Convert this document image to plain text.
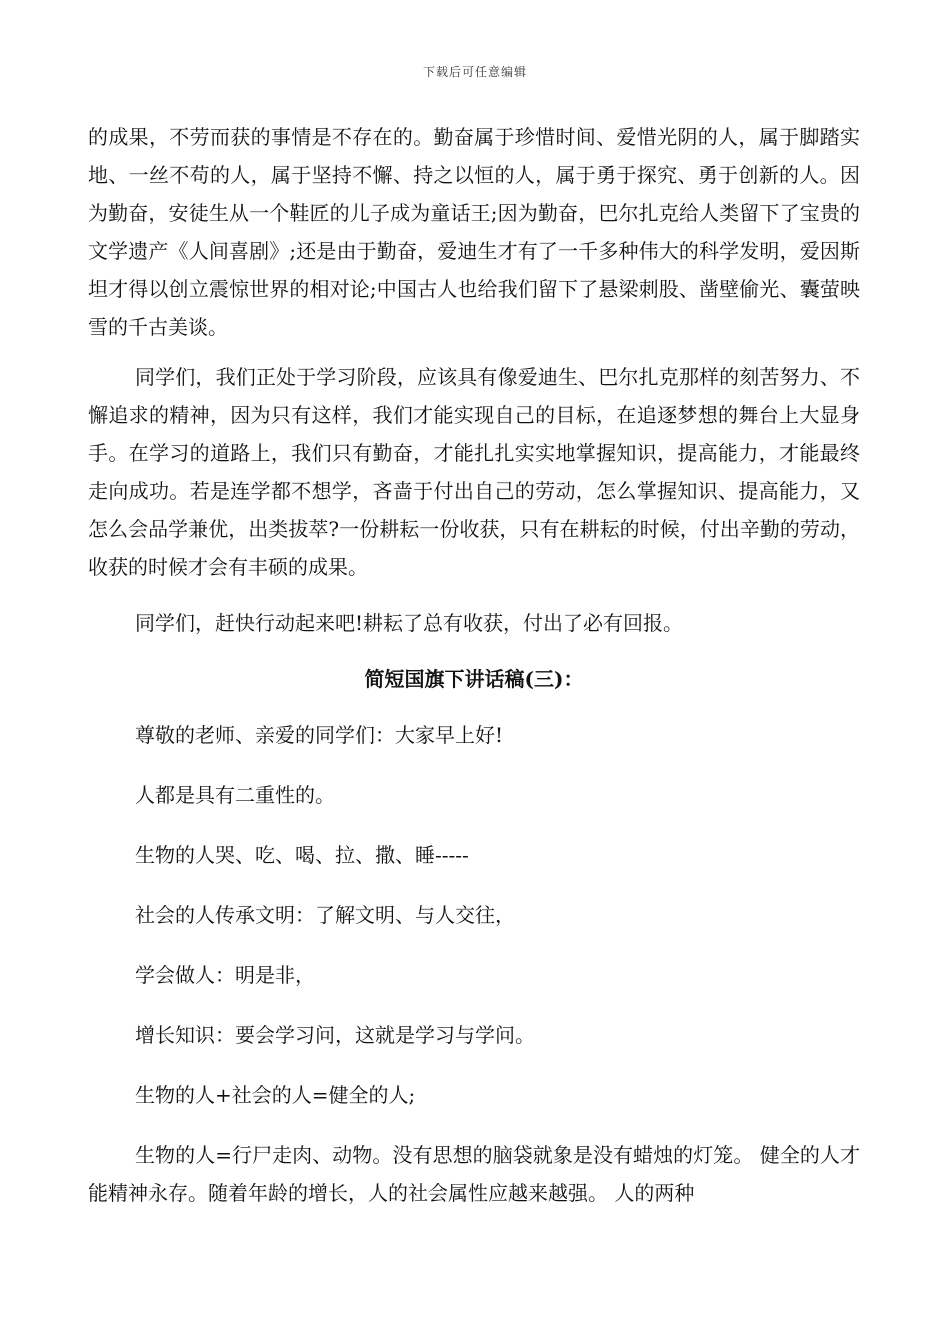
下载后可任意编辑

的成果，不劳而获的事情是不存在的。勤奋属于珍惜时间、爱惜光阴的人，属于脚踏实地、一丝不苟的人，属于坚持不懈、持之以恒的人，属于勇于探究、勇于创新的人。因为勤奋，安徒生从一个鞋匠的儿子成为童话王;因为勤奋，巴尔扎克给人类留下了宝贵的文学遗产《人间喜剧》;还是由于勤奋，爱迪生才有了一千多种伟大的科学发明，爱因斯坦才得以创立震惊世界的相对论;中国古人也给我们留下了悬梁刺股、凿壁偷光、囊萤映雪的千古美谈。

同学们，我们正处于学习阶段，应该具有像爱迪生、巴尔扎克那样的刻苦努力、不懈追求的精神，因为只有这样，我们才能实现自己的目标，在追逐梦想的舞台上大显身手。在学习的道路上，我们只有勤奋，才能扎扎实实地掌握知识，提高能力，才能最终走向成功。若是连学都不想学，吝啬于付出自己的劳动，怎么掌握知识、提高能力，又怎么会品学兼优，出类拔萃?一份耕耘一份收获，只有在耕耘的时候，付出辛勤的劳动，收获的时候才会有丰硕的成果。

同学们，赶快行动起来吧!耕耘了总有收获，付出了必有回报。

简短国旗下讲话稿(三)：

尊敬的老师、亲爱的同学们：大家早上好!

人都是具有二重性的。

生物的人哭、吃、喝、拉、撒、睡-----

社会的人传承文明：了解文明、与人交往，

学会做人：明是非，

增长知识：要会学习问，这就是学习与学问。

生物的人+社会的人=健全的人;

生物的人=行尸走肉、动物。没有思想的脑袋就象是没有蜡烛的灯笼。 健全的人才能精神永存。随着年龄的增长，人的社会属性应越来越强。 人的两种
